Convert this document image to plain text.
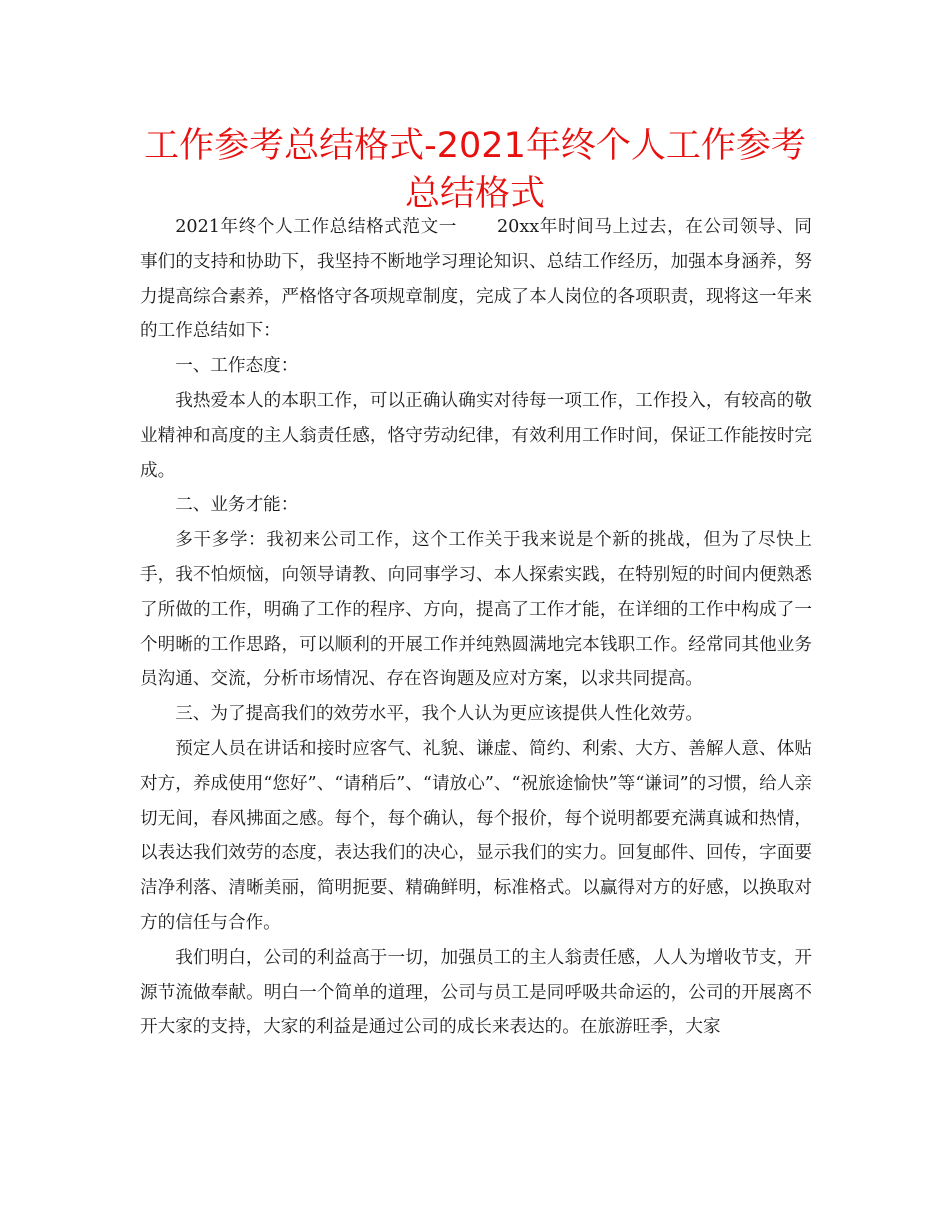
工作参考总结格式-2021年终个人工作参考总结格式

2021年终个人工作总结格式范文一 20xx年时间马上过去，在公司领导、同事们的支持和协助下，我坚持不断地学习理论知识、总结工作经历，加强本身涵养，努力提高综合素养，严格恪守各项规章制度，完成了本人岗位的各项职责，现将这一年来的工作总结如下：

一、工作态度：

我热爱本人的本职工作，可以正确认确实对待每一项工作，工作投入，有较高的敬业精神和高度的主人翁责任感，恪守劳动纪律，有效利用工作时间，保证工作能按时完成。

二、业务才能：

多干多学：我初来公司工作，这个工作关于我来说是个新的挑战，但为了尽快上手，我不怕烦恼，向领导请教、向同事学习、本人探索实践，在特别短的时间内便熟悉了所做的工作，明确了工作的程序、方向，提高了工作才能，在详细的工作中构成了一个明晰的工作思路，可以顺利的开展工作并纯熟圆满地完本钱职工作。经常同其他业务员沟通、交流，分析市场情况、存在咨询题及应对方案，以求共同提高。

三、为了提高我们的效劳水平，我个人认为更应该提供人性化效劳。

预定人员在讲话和接时应客气、礼貌、谦虚、简约、利索、大方、善解人意、体贴对方，养成使用“您好”、“请稍后”、“请放心”、“祝旅途愉快”等“谦词”的习惯，给人亲切无间，春风拂面之感。每个，每个确认，每个报价，每个说明都要充满真诚和热情，以表达我们效劳的态度，表达我们的决心，显示我们的实力。回复邮件、回传，字面要洁净利落、清晰美丽，简明扼要、精确鲜明，标准格式。以赢得对方的好感，以换取对方的信任与合作。

我们明白，公司的利益高于一切，加强员工的主人翁责任感，人人为增收节支，开源节流做奉献。明白一个简单的道理，公司与员工是同呼吸共命运的，公司的开展离不开大家的支持，大家的利益是通过公司的成长来表达的。在旅游旺季，大家
